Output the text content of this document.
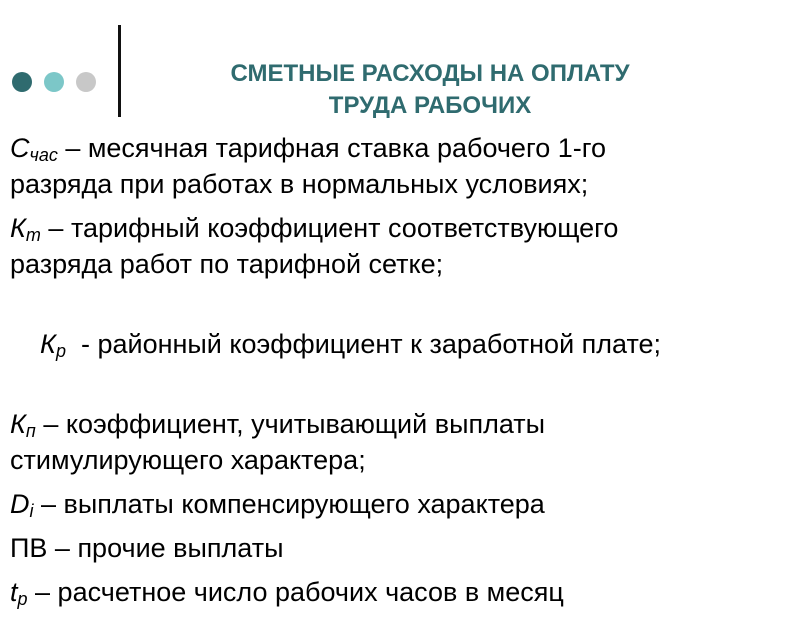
СМЕТНЫЕ РАСХОДЫ НА ОПЛАТУ
ТРУДА РАБОЧИХ
$С_{час}$ – месячная тарифная ставка рабочего 1-го
разряда при работах в нормальных условиях;
$К_т$ – тарифный коэффициент соответствующего
разряда работ по тарифной сетке;

$К_р$  - районный коэффициент к заработной плате;

$К_п$ – коэффициент, учитывающий выплаты
стимулирующего характера;
$D_i$ – выплаты компенсирующего характера
ПВ – прочие выплаты
$t_р$ – расчетное число рабочих часов в месяц
